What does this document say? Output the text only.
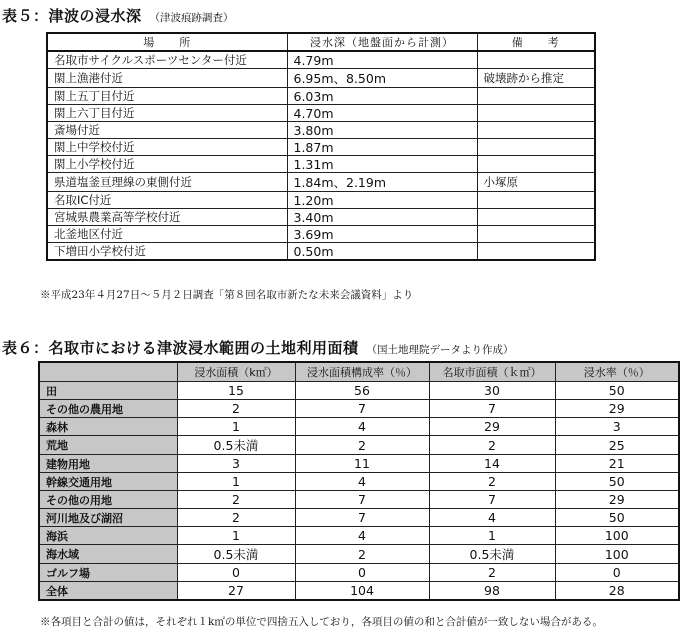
表５：津波の浸水深 （津波痕跡調査）
場　　所	浸水深（地盤面から計測）	備　　考
名取市サイクルスポーツセンター付近	4.79m	
閖上漁港付近	6.95m、8.50m	破壊跡から推定
閖上五丁目付近	6.03m	
閖上六丁目付近	4.70m	
斎場付近	3.80m	
閖上中学校付近	1.87m	
閖上小学校付近	1.31m	
県道塩釜亘理線の東側付近	1.84m、2.19m	小塚原
名取IC付近	1.20m	
宮城県農業高等学校付近	3.40m	
北釜地区付近	3.69m	
下増田小学校付近	0.50m	
※平成23年４月27日～５月２日調査「第８回名取市新たな未来会議資料」より
表６：名取市における津波浸水範囲の土地利用面積 （国土地理院データより作成）
	浸水面積（k㎡）	浸水面積構成率（％）	名取市面積（ｋ㎡）	浸水率（％）
田	15	56	30	50
その他の農用地	2	7	7	29
森林	1	4	29	3
荒地	0.5未満	2	2	25
建物用地	3	11	14	21
幹線交通用地	1	4	2	50
その他の用地	2	7	7	29
河川地及び湖沼	2	7	4	50
海浜	1	4	1	100
海水域	0.5未満	2	0.5未満	100
ゴルフ場	0	0	2	0
全体	27	104	98	28
※各項目と合計の値は，それぞれ１k㎡の単位で四捨五入しており，各項目の値の和と合計値が一致しない場合がある。
